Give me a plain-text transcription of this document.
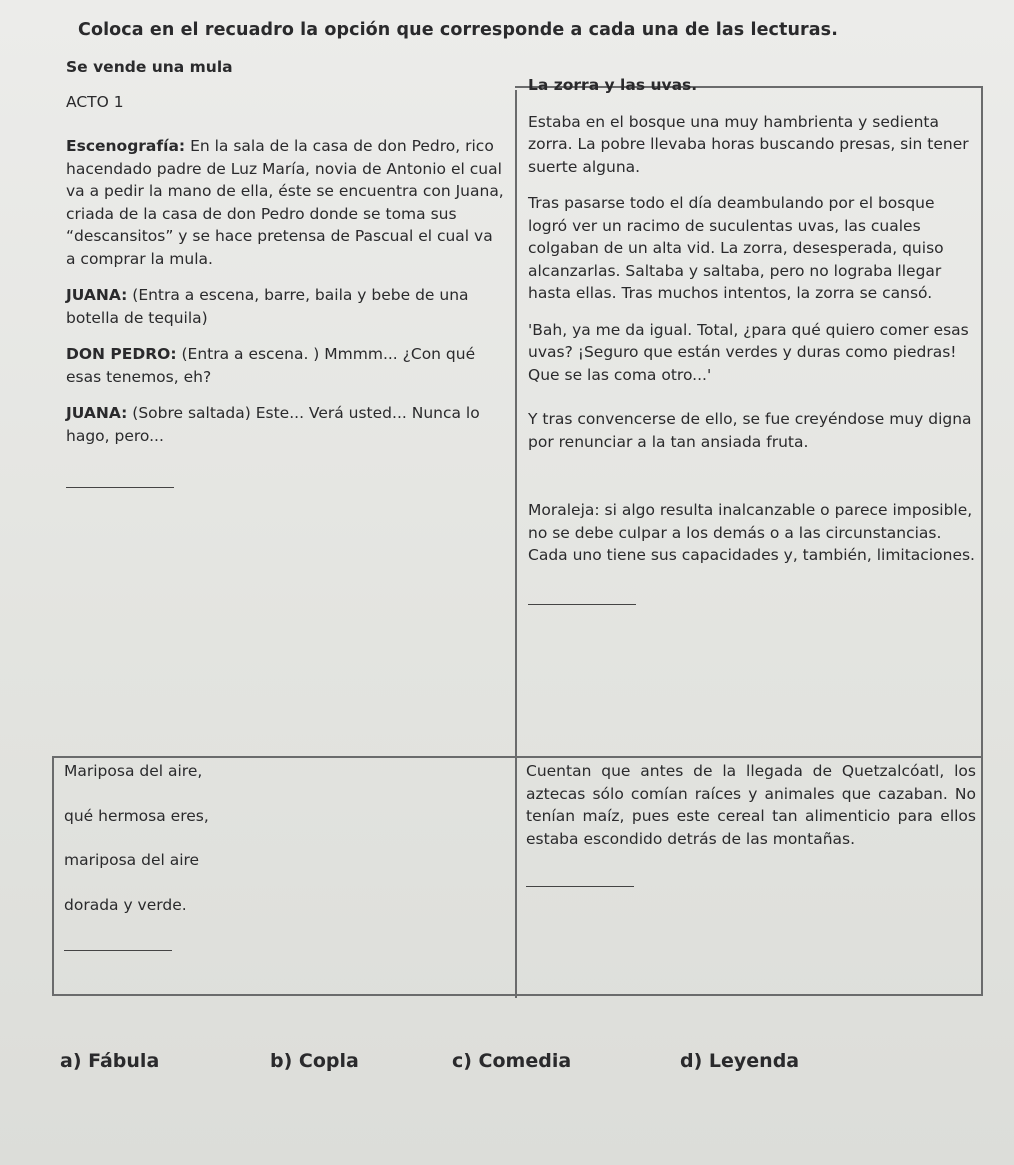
Coloca en el recuadro la opción que corresponde a cada una de las lecturas.

Se vende una mula

ACTO 1

Escenografía: En la sala de la casa de don Pedro, rico hacendado padre de Luz María, novia de Antonio el cual va a pedir la mano de ella, éste se encuentra con Juana, criada de la casa de don Pedro donde se toma sus “descansitos” y se hace pretensa de Pascual el cual va a comprar la mula.

JUANA: (Entra a escena, barre, baila y bebe de una botella de tequila)

DON PEDRO: (Entra a escena. ) Mmmm... ¿Con qué esas tenemos, eh?

JUANA: (Sobre saltada) Este... Verá usted... Nunca lo hago, pero...

La zorra y las uvas.

Estaba en el bosque una muy hambrienta y sedienta zorra. La pobre llevaba horas buscando presas, sin tener suerte alguna.

Tras pasarse todo el día deambulando por el bosque logró ver un racimo de suculentas uvas, las cuales colgaban de un alta vid. La zorra, desesperada, quiso alcanzarlas. Saltaba y saltaba, pero no lograba llegar hasta ellas. Tras muchos intentos, la zorra se cansó.

'Bah, ya me da igual. Total, ¿para qué quiero comer esas uvas? ¡Seguro que están verdes y duras como piedras! Que se las coma otro...'

Y tras convencerse de ello, se fue creyéndose muy digna por renunciar a la tan ansiada fruta.

Moraleja: si algo resulta inalcanzable o parece imposible, no se debe culpar a los demás o a las circunstancias. Cada uno tiene sus capacidades y, también, limitaciones.

Mariposa del aire,

qué hermosa eres,

mariposa del aire

dorada y verde.

Cuentan que antes de la llegada de Quetzalcóatl, los aztecas sólo comían raíces y animales que cazaban. No tenían maíz, pues este cereal tan alimenticio para ellos estaba escondido detrás de las montañas.

a) Fábula	b) Copla	c) Comedia	d) Leyenda
